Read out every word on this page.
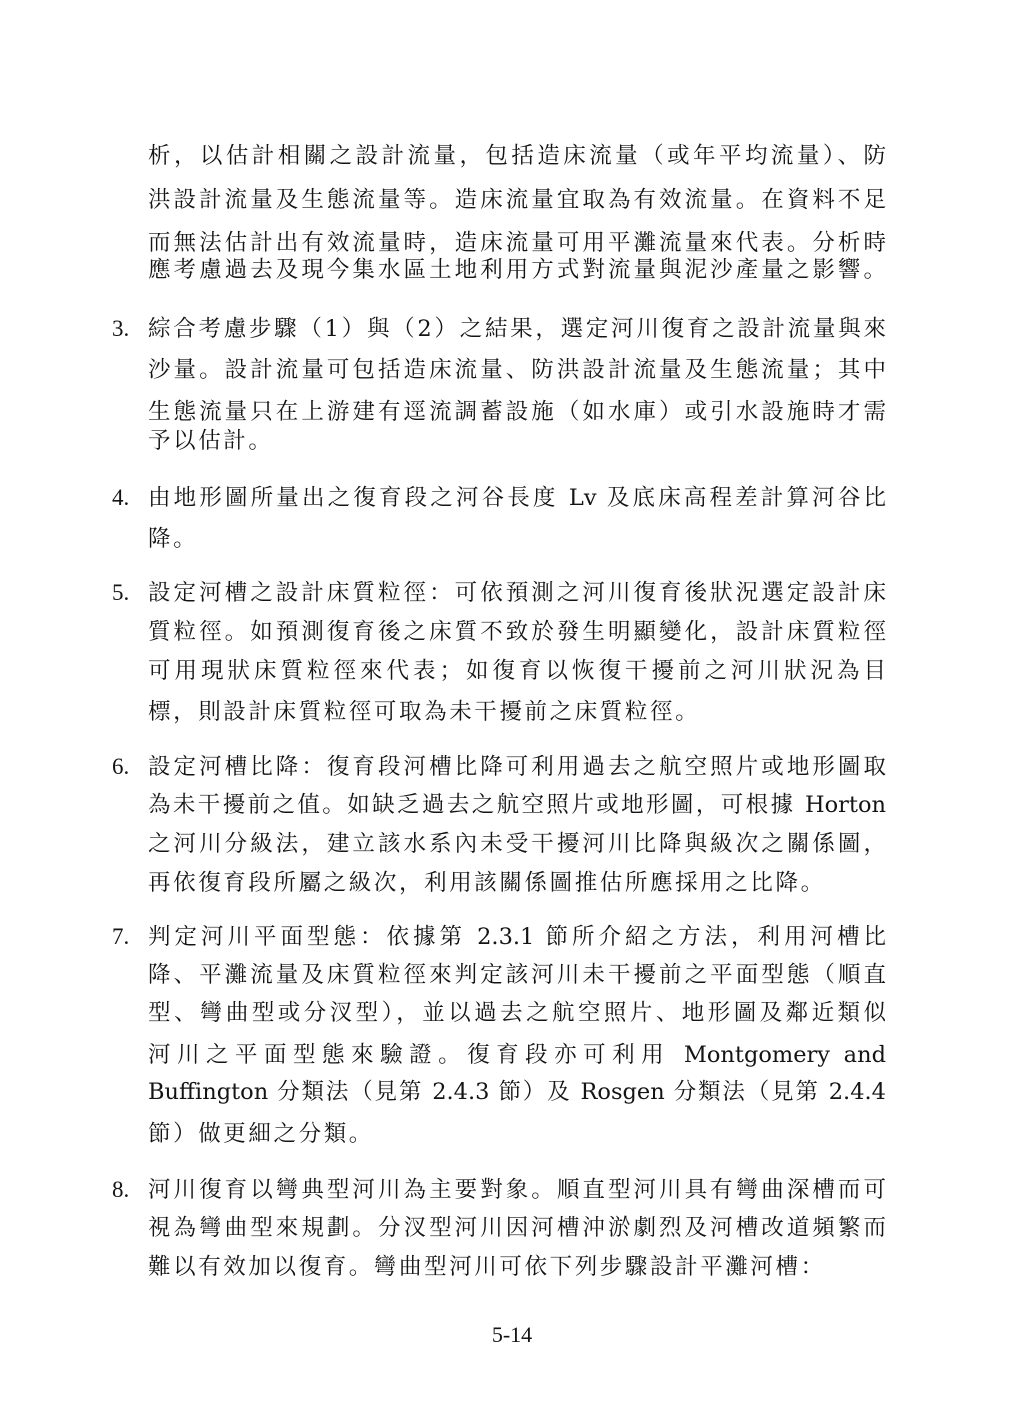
析，以估計相關之設計流量，包括造床流量（或年平均流量）、防
洪設計流量及生態流量等。造床流量宜取為有效流量。在資料不足
而無法估計出有效流量時，造床流量可用平灘流量來代表。分析時
應考慮過去及現今集水區土地利用方式對流量與泥沙產量之影響。
3. 綜合考慮步驟（1）與（2）之結果，選定河川復育之設計流量與來
沙量。設計流量可包括造床流量、防洪設計流量及生態流量；其中
生態流量只在上游建有逕流調蓄設施（如水庫）或引水設施時才需
予以估計。
4. 由地形圖所量出之復育段之河谷長度 Lv 及底床高程差計算河谷比
降。
5. 設定河槽之設計床質粒徑：可依預測之河川復育後狀況選定設計床
質粒徑。如預測復育後之床質不致於發生明顯變化，設計床質粒徑
可用現狀床質粒徑來代表；如復育以恢復干擾前之河川狀況為目
標，則設計床質粒徑可取為未干擾前之床質粒徑。
6. 設定河槽比降：復育段河槽比降可利用過去之航空照片或地形圖取
為未干擾前之值。如缺乏過去之航空照片或地形圖，可根據 Horton
之河川分級法，建立該水系內未受干擾河川比降與級次之關係圖，
再依復育段所屬之級次，利用該關係圖推估所應採用之比降。
7. 判定河川平面型態：依據第 2.3.1 節所介紹之方法，利用河槽比
降、平灘流量及床質粒徑來判定該河川未干擾前之平面型態（順直
型、彎曲型或分汊型），並以過去之航空照片、地形圖及鄰近類似
河川之平面型態來驗證。復育段亦可利用 Montgomery and
Buffington 分類法（見第 2.4.3 節）及 Rosgen 分類法（見第 2.4.4
節）做更細之分類。
8. 河川復育以彎典型河川為主要對象。順直型河川具有彎曲深槽而可
視為彎曲型來規劃。分汊型河川因河槽沖淤劇烈及河槽改道頻繁而
難以有效加以復育。彎曲型河川可依下列步驟設計平灘河槽：
5-14
